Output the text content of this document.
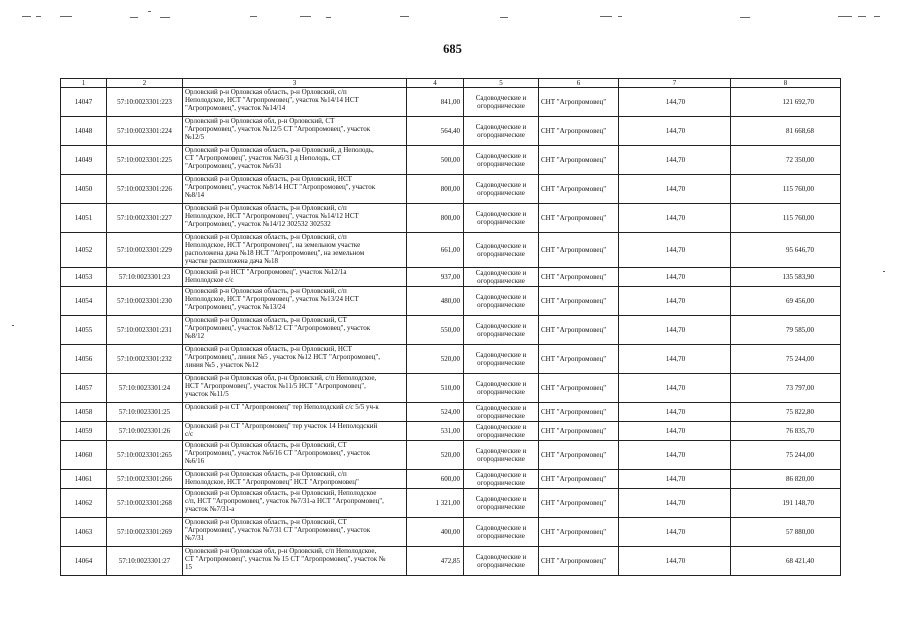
685
1	2	3	4	5	6	7	8
14047	57:10:0023301:223	Орловский р-н Орловская область, р-н Орловский, с/п
Неполодское, НСТ "Агропромовец", участок №14/14 НСТ
"Агропромовец", участок №14/14	841,00	Садоводческие и
огороднические	СНТ "Агропромовец"	144,70	121 692,70
14048	57:10:0023301:224	Орловский р-н Орловская обл, р-н Орловский, СТ
"Агропромовец", участок №12/5 СТ "Агропромовец", участок
№12/5	564,40	Садоводческие и
огороднические	СНТ "Агропромовец"	144,70	81 668,68
14049	57:10:0023301:225	Орловский р-н Орловская область, р-н Орловский, д Неполодь,
СТ "Агропромовец", участок №6/31 д Неполодь, СТ
"Агропромовец", участок №6/31	500,00	Садоводческие и
огороднические	СНТ "Агропромовец"	144,70	72 350,00
14050	57:10:0023301:226	Орловский р-н Орловская область, р-н Орловский, НСТ
"Агропромовец", участок №8/14 НСТ "Агропромовец", участок
№8/14	800,00	Садоводческие и
огороднические	СНТ "Агропромовец"	144,70	115 760,00
14051	57:10:0023301:227	Орловский р-н Орловская область, р-н Орловский, с/п
Неполодское, НСТ "Агропромовец", участок №14/12 НСТ
"Агропромовец", участок №14/12 302532 302532	800,00	Садоводческие и
огороднические	СНТ "Агропромовец"	144,70	115 760,00
14052	57:10:0023301:229	Орловский р-н Орловская область, р-н Орловский, с/п
Неполодское, НСТ "Агропромовец", на земельном участке
расположена дача №18 НСТ "Агропромовец", на земельном
участке расположена дача №18	661,00	Садоводческие и
огороднические	СНТ "Агропромовец"	144,70	95 646,70
14053	57:10:0023301:23	Орловский р-н НСТ "Агропромовец", участок №12/1а
Неполодское с/с	937,00	Садоводческие и
огороднические	СНТ "Агропромовец"	144,70	135 583,90
14054	57:10:0023301:230	Орловский р-н Орловская область, р-н Орловский, с/п
Неполодское, НСТ "Агропромовец", участок №13/24 НСТ
"Агропромовец", участок №13/24	480,00	Садоводческие и
огороднические	СНТ "Агропромовец"	144,70	69 456,00
14055	57:10:0023301:231	Орловский р-н Орловская область, р-н Орловский, СТ
"Агропромовец", участок №8/12 СТ "Агропромовец", участок
№8/12	550,00	Садоводческие и
огороднические	СНТ "Агропромовец"	144,70	79 585,00
14056	57:10:0023301:232	Орловский р-н Орловская область, р-н Орловский, НСТ
"Агропромовец", линия №5 , участок №12 НСТ "Агропромовец",
линия №5 , участок №12	520,00	Садоводческие и
огороднические	СНТ "Агропромовец"	144,70	75 244,00
14057	57:10:0023301:24	Орловский р-н Орловская обл, р-н Орловский, с/п Неполодское,
НСТ "Агропромовец", участок №11/5 НСТ "Агропромовец",
участок №11/5	510,00	Садоводческие и
огороднические	СНТ "Агропромовец"	144,70	73 797,00
14058	57:10:0023301:25	Орловский р-н СТ "Агропромовец" тер Неполодский с/с 5/5 уч-к	524,00	Садоводческие и
огороднические	СНТ "Агропромовец"	144,70	75 822,80
14059	57:10:0023301:26	Орловский р-н СТ "Агропромовец" тер участок 14 Неполодский
с/с	531,00	Садоводческие и
огороднические	СНТ "Агропромовец"	144,70	76 835,70
14060	57:10:0023301:265	Орловский р-н Орловская область, р-н Орловский, СТ
"Агропромовец", участок №6/16 СТ "Агропромовец", участок
№6/16	520,00	Садоводческие и
огороднические	СНТ "Агропромовец"	144,70	75 244,00
14061	57:10:0023301:266	Орловский р-н Орловская область, р-н Орловский, с/п
Неполодское, НСТ "Агропромовец" НСТ "Агропромовец"	600,00	Садоводческие и
огороднические	СНТ "Агропромовец"	144,70	86 820,00
14062	57:10:0023301:268	Орловский р-н Орловская область, р-н Орловский, Неполодское
с/п, НСТ "Агропромовец", участок №7/31-а НСТ "Агропромовец",
участок №7/31-а	1 321,00	Садоводческие и
огороднические	СНТ "Агропромовец"	144,70	191 148,70
14063	57:10:0023301:269	Орловский р-н Орловская область, р-н Орловский, СТ
"Агропромовец", участок №7/31 СТ "Агропромовец", участок
№7/31	400,00	Садоводческие и
огороднические	СНТ "Агропромовец"	144,70	57 880,00
14064	57:10:0023301:27	Орловский р-н Орловская обл, р-н Орловский, с/п Неполодское,
СТ "Агропромовец", участок № 15 СТ "Агропромовец", участок №
15	472,85	Садоводческие и
огороднические	СНТ "Агропромовец"	144,70	68 421,40
